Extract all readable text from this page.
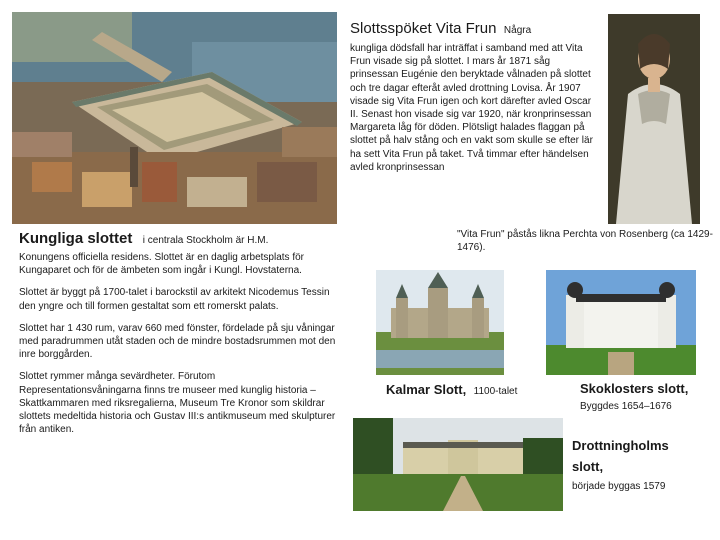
Kungliga slottet i centrala Stockholm är H.M.

Konungens officiella residens. Slottet är en daglig arbetsplats för Kungaparet och för de ämbeten som ingår i Kungl. Hovstaterna.

Slottet är byggt på 1700-talet i barockstil av arkitekt Nicodemus Tessin den yngre och till formen gestaltat som ett romerskt palats.

Slottet har 1 430 rum, varav 660 med fönster, fördelade på sju våningar med paradrummen utåt staden och de mindre bostadsrummen mot den inre borggården.

Slottet rymmer många sevärdheter. Förutom Representationsvåningarna finns tre museer med kunglig historia – Skattkammaren med riksregalierna, Museum Tre Kronor som skildrar slottets medeltida historia och Gustav III:s antikmuseum med skulpturer från antiken.

Slottsspöket Vita Frun Några

kungliga dödsfall har inträffat i samband med att Vita Frun visade sig på slottet. I mars år 1871 såg prinsessan Eugénie den beryktade vålnaden på slottet och tre dagar efteråt avled drottning Lovisa. År 1907 visade sig Vita Frun igen och kort därefter avled Oscar II. Senast hon visade sig var 1920, när kronprinsessan Margareta låg för döden. Plötsligt halades flaggan på slottet på halv stång och en vakt som skulle se efter lär ha sett Vita Frun på taket. Två timmar efter händelsen avled kronprinsessan

"Vita Frun" påstås likna Perchta von Rosenberg (ca 1429-1476).

Kalmar Slott, 1100-talet	Skoklosters slott,
Byggdes 1654–1676
Drottningholms
slott,
började byggas 1579
